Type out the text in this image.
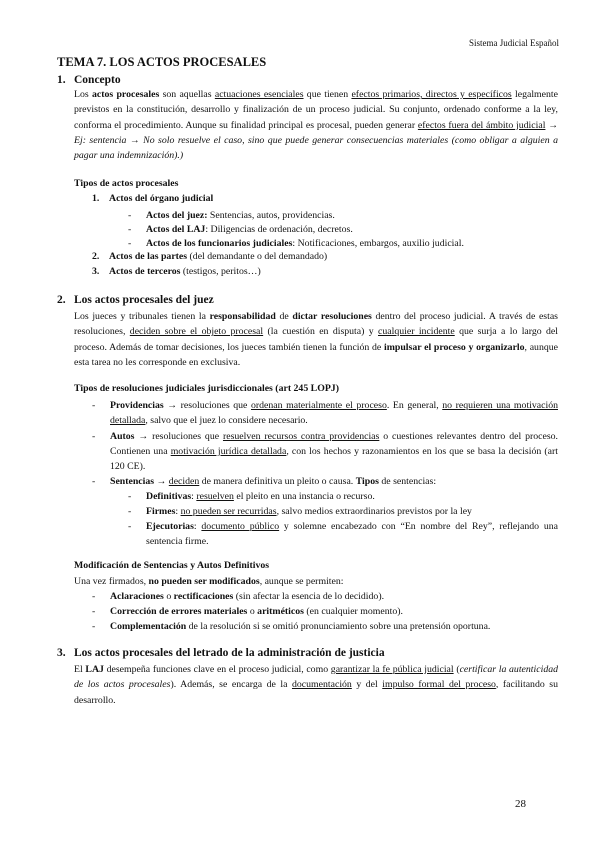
Sistema Judicial Español
TEMA 7. LOS ACTOS PROCESALES
1. Concepto

Los actos procesales son aquellas actuaciones esenciales que tienen efectos primarios, directos y específicos legalmente previstos en la constitución, desarrollo y finalización de un proceso judicial. Su conjunto, ordenado conforme a la ley, conforma el procedimiento. Aunque su finalidad principal es procesal, pueden generar efectos fuera del ámbito judicial → Ej: sentencia → No solo resuelve el caso, sino que puede generar consecuencias materiales (como obligar a alguien a pagar una indemnización).)

Tipos de actos procesales
1. Actos del órgano judicial
- Actos del juez: Sentencias, autos, providencias.
- Actos del LAJ: Diligencias de ordenación, decretos.
- Actos de los funcionarios judiciales: Notificaciones, embargos, auxilio judicial.
2. Actos de las partes (del demandante o del demandado)
3. Actos de terceros (testigos, peritos…)
2. Los actos procesales del juez

Los jueces y tribunales tienen la responsabilidad de dictar resoluciones dentro del proceso judicial. A través de estas resoluciones, deciden sobre el objeto procesal (la cuestión en disputa) y cualquier incidente que surja a lo largo del proceso. Además de tomar decisiones, los jueces también tienen la función de impulsar el proceso y organizarlo, aunque esta tarea no les corresponde en exclusiva.

Tipos de resoluciones judiciales jurisdiccionales (art 245 LOPJ)
- Providencias → resoluciones que ordenan materialmente el proceso. En general, no requieren una motivación detallada, salvo que el juez lo considere necesario.
- Autos → resoluciones que resuelven recursos contra providencias o cuestiones relevantes dentro del proceso. Contienen una motivación jurídica detallada, con los hechos y razonamientos en los que se basa la decisión (art 120 CE).
- Sentencias → deciden de manera definitiva un pleito o causa. Tipos de sentencias:
- Definitivas: resuelven el pleito en una instancia o recurso.
- Firmes: no pueden ser recurridas, salvo medios extraordinarios previstos por la ley
- Ejecutorias: documento público y solemne encabezado con “En nombre del Rey”, reflejando una sentencia firme.
Modificación de Sentencias y Autos Definitivos
Una vez firmados, no pueden ser modificados, aunque se permiten:
- Aclaraciones o rectificaciones (sin afectar la esencia de lo decidido).
- Corrección de errores materiales o aritméticos (en cualquier momento).
- Complementación de la resolución si se omitió pronunciamiento sobre una pretensión oportuna.
3. Los actos procesales del letrado de la administración de justicia

El LAJ desempeña funciones clave en el proceso judicial, como garantizar la fe pública judicial (certificar la autenticidad de los actos procesales). Además, se encarga de la documentación y del impulso formal del proceso, facilitando su desarrollo.

28
